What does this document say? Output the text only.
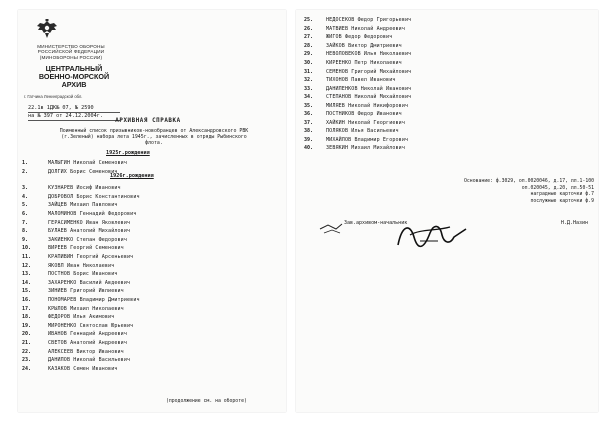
МИНИСТЕРСТВО ОБОРОНЫ РОССИЙСКОЙ ФЕДЕРАЦИИ (МИНОБОРОНЫ РОССИИ)
ЦЕНТРАЛЬНЫЙ
ВОЕННО-МОРСКОЙ
АРХИВ
г. Гатчина Ленинградской обл.
22.1в 1ДК№ 07, № 2590
на № 397 от 24.12.2004г.
АРХИВНАЯ СПРАВКА
Поименный список призывников-новобранцев от Александровского РВК (г.Зеленый) набора лета 1945г., зачисленных в отряды Рыбинского флота.
1925г.рождения
1.	МАЛЫГИН Николай Семенович
2.	ДОЛГИХ Борис Семенович
1926г.рождения
3.	КУЗНАРЕВ Иосиф Иванович
4.	ДОБРОВОЛ Борис Константинович
5.	ЗАЙЦЕВ Михаил Павлович
6.	МАЛОМИНОВ Геннадий Федорович
7.	ГЕРАСИМЕНКО Иван Яковлевич
8.	БУЛАЕВ Анатолий Михайлович
9.	ЗАКИЕНКО Степан Федорович
10.	ВИРЕЕВ Георгий Семенович
11.	КРАПИВИН Георгий Арсеньевич
12.	ЯКОВЛ Иван Николаевич
13.	ПОСТНОВ Борис Иванович
14.	ЗАХАРЕНКО Василий Авдеевич
15.	ЗИНИЕВ Григорий Ивлиевич
16.	ПОНОМАРЕВ Владимир Дмитриевич
17.	КРЫЛОВ Михаил Николаевич
18.	ФЕДОРОВ Илья Акимович
19.	МИРОНЕНКО Святослав Юрьевич
20.	ИВАНОВ Геннадий Андреевич
21.	СВЕТОВ Анатолий Андреевич
22.	АЛЕКСЕЕВ Виктор Иванович
23.	ДАНИЛОВ Николай Васильевич
24.	КАЗАКОВ Семен Иванович
(продолжение см. на обороте)
25.	НЕДОСЕКОВ Федор Григорьевич
26.	МАТВИЕВ Николай Андреевич
27.	ЖИГОВ Федор Федорович
28.	ЗАЙКОВ Виктор Дмитриевич
29.	НЕВОЛОВЕКОВ Илья Николаевич
30.	КИРЕЕНКО Петр Николаевич
31.	СЕМЕНОВ Григорий Михайлович
32.	ТИХОНОВ Павел Иванович
33.	ДАНИЛЕНКОВ Николай Иванович
34.	СТЕПАНОВ Николай Михайлович
35.	МИЛЯЕВ Николай Никифорович
36.	ПОСТНИКОВ Федор Иванович
37.	ХАЙКИН Николай Георгиевич
38.	ПОЛЯКОВ Илья Васильевич
39.	МИХАЙЛОВ Владимир Егорович
40.	ЗЕВЯКИН Михаил Михайлович
Основание: ф.3029, оп.0020046, д.17, лл.1-100
оп.020045, д.20, лл.50-51
наградные карточки ф.7
послужные карточки ф.9
Зав.архивом-начальник	Н.Д.Назин
